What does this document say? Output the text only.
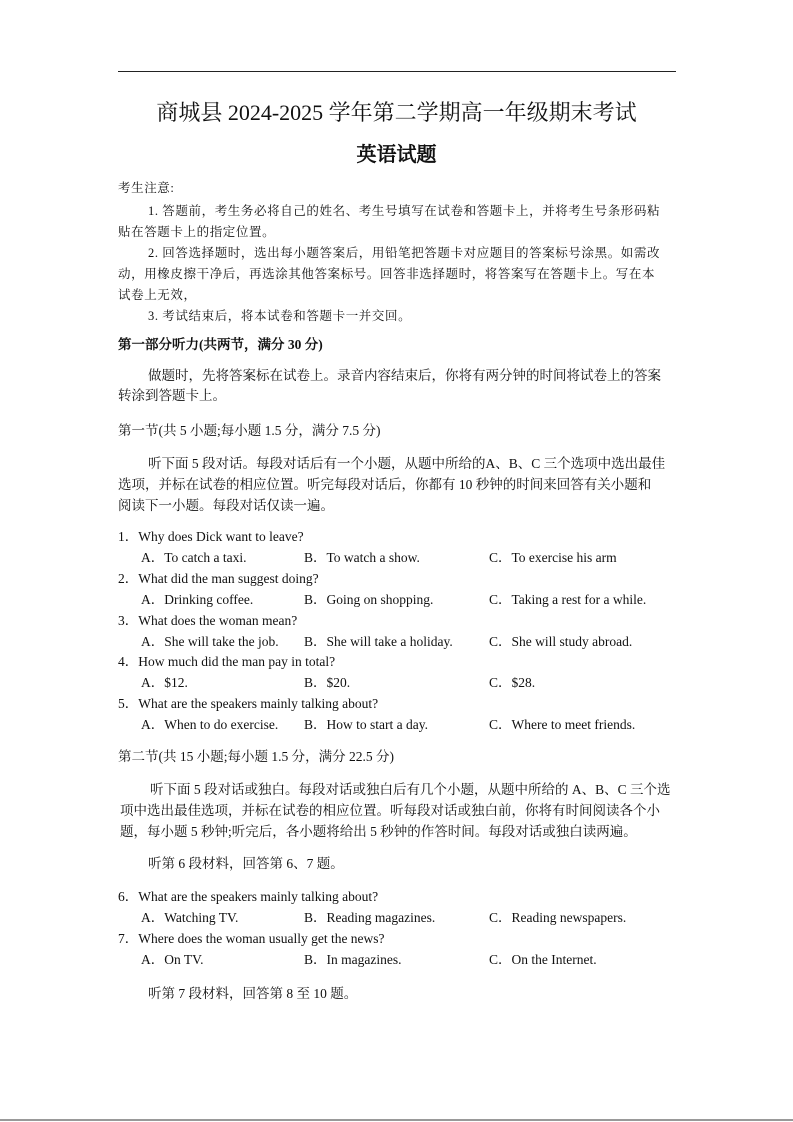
商城县 2024-2025 学年第二学期高一年级期末考试
英语试题
考生注意:
1. 答题前，考生务必将自己的姓名、考生号填写在试卷和答题卡上，并将考生号条形码粘
贴在答题卡上的指定位置。
2. 回答选择题时，选出每小题答案后，用铅笔把答题卡对应题目的答案标号涂黑。如需改
动，用橡皮擦干净后，再选涂其他答案标号。回答非选择题时，将答案写在答题卡上。写在本
试卷上无效，
3. 考试结束后，将本试卷和答题卡一并交回。
第一部分听力(共两节，满分 30 分)
做题时，先将答案标在试卷上。录音内容结束后，你将有两分钟的时间将试卷上的答案
转涂到答题卡上。
第一节(共 5 小题;每小题 1.5 分，满分 7.5 分)
听下面 5 段对话。每段对话后有一个小题，从题中所给的A、B、C 三个选项中选出最佳
选项，并标在试卷的相应位置。听完每段对话后，你都有 10 秒钟的时间来回答有关小题和
阅读下一小题。每段对话仅读一遍。
1．Why does Dick want to leave?
A．To catch a taxi.	B．To watch a show.	C．To exercise his arm
2．What did the man suggest doing?
A．Drinking coffee.	B．Going on shopping.	C．Taking a rest for a while.
3．What does the woman mean?
A．She will take the job. B．She will take a holiday.	C．She will study abroad.
4．How much did the man pay in total?
A．$12.	B．$20.	C．$28.
5．What are the speakers mainly talking about?
A．When to do exercise. B．How to start a day.	C．Where to meet friends.
第二节(共 15 小题;每小题 1.5 分，满分 22.5 分)
听下面 5 段对话或独白。每段对话或独白后有几个小题，从题中所给的 A、B、C 三个选
项中选出最佳选项，并标在试卷的相应位置。听每段对话或独白前，你将有时间阅读各个小
题，每小题 5 秒钟;听完后，各小题将给出 5 秒钟的作答时间。每段对话或独白读两遍。
听第 6 段材料，回答第 6、7 题。
6．What are the speakers mainly talking about?
A．Watching TV.	B．Reading magazines.	C．Reading newspapers.
7．Where does the woman usually get the news?
A．On TV.	B．In magazines.	C．On the Internet.
听第 7 段材料，回答第 8 至 10 题。
